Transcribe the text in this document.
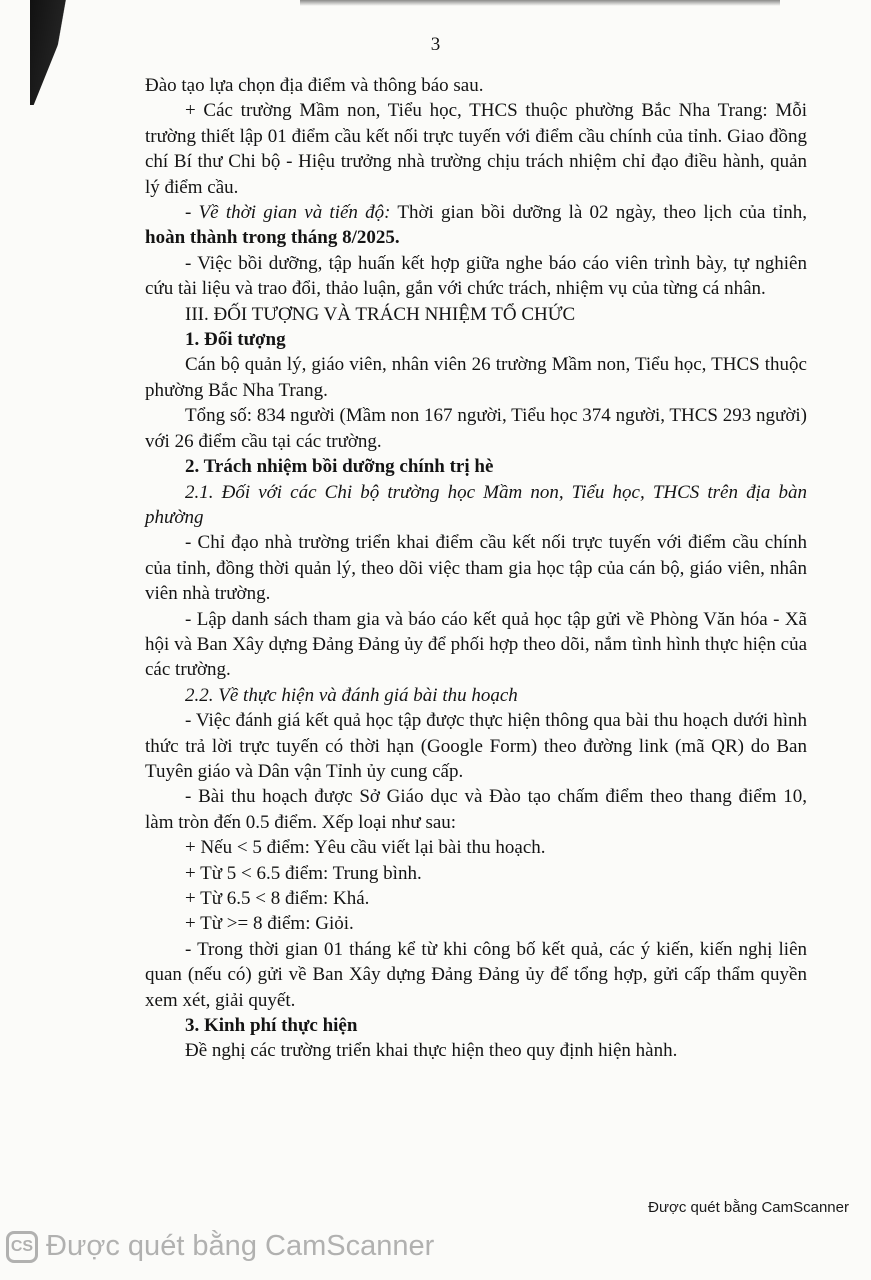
3

Đào tạo lựa chọn địa điểm và thông báo sau.

+ Các trường Mầm non, Tiểu học, THCS thuộc phường Bắc Nha Trang: Mỗi trường thiết lập 01 điểm cầu kết nối trực tuyến với điểm cầu chính của tỉnh. Giao đồng chí Bí thư Chi bộ - Hiệu trưởng nhà trường chịu trách nhiệm chỉ đạo điều hành, quản lý điểm cầu.

- Về thời gian và tiến độ: Thời gian bồi dưỡng là 02 ngày, theo lịch của tỉnh, hoàn thành trong tháng 8/2025.

- Việc bồi dưỡng, tập huấn kết hợp giữa nghe báo cáo viên trình bày, tự nghiên cứu tài liệu và trao đổi, thảo luận, gắn với chức trách, nhiệm vụ của từng cá nhân.

III. ĐỐI TƯỢNG VÀ TRÁCH NHIỆM TỔ CHỨC

1. Đối tượng

Cán bộ quản lý, giáo viên, nhân viên 26 trường Mầm non, Tiểu học, THCS thuộc phường Bắc Nha Trang.

Tổng số: 834 người (Mầm non 167 người, Tiểu học 374 người, THCS 293 người) với 26 điểm cầu tại các trường.

2. Trách nhiệm bồi dưỡng chính trị hè

2.1. Đối với các Chi bộ trường học Mầm non, Tiểu học, THCS trên địa bàn phường

- Chỉ đạo nhà trường triển khai điểm cầu kết nối trực tuyến với điểm cầu chính của tỉnh, đồng thời quản lý, theo dõi việc tham gia học tập của cán bộ, giáo viên, nhân viên nhà trường.

- Lập danh sách tham gia và báo cáo kết quả học tập gửi về Phòng Văn hóa - Xã hội và Ban Xây dựng Đảng Đảng ủy để phối hợp theo dõi, nắm tình hình thực hiện của các trường.

2.2. Về thực hiện và đánh giá bài thu hoạch

- Việc đánh giá kết quả học tập được thực hiện thông qua bài thu hoạch dưới hình thức trả lời trực tuyến có thời hạn (Google Form) theo đường link (mã QR) do Ban Tuyên giáo và Dân vận Tỉnh ủy cung cấp.

- Bài thu hoạch được Sở Giáo dục và Đào tạo chấm điểm theo thang điểm 10, làm tròn đến 0.5 điểm. Xếp loại như sau:

+ Nếu < 5 điểm: Yêu cầu viết lại bài thu hoạch.

+ Từ 5 < 6.5 điểm: Trung bình.

+ Từ 6.5 < 8 điểm: Khá.

+ Từ >= 8 điểm: Giỏi.

- Trong thời gian 01 tháng kể từ khi công bố kết quả, các ý kiến, kiến nghị liên quan (nếu có) gửi về Ban Xây dựng Đảng Đảng ủy để tổng hợp, gửi cấp thẩm quyền xem xét, giải quyết.

3. Kinh phí thực hiện

Đề nghị các trường triển khai thực hiện theo quy định hiện hành.

Được quét bằng CamScanner
CS Được quét bằng CamScanner
